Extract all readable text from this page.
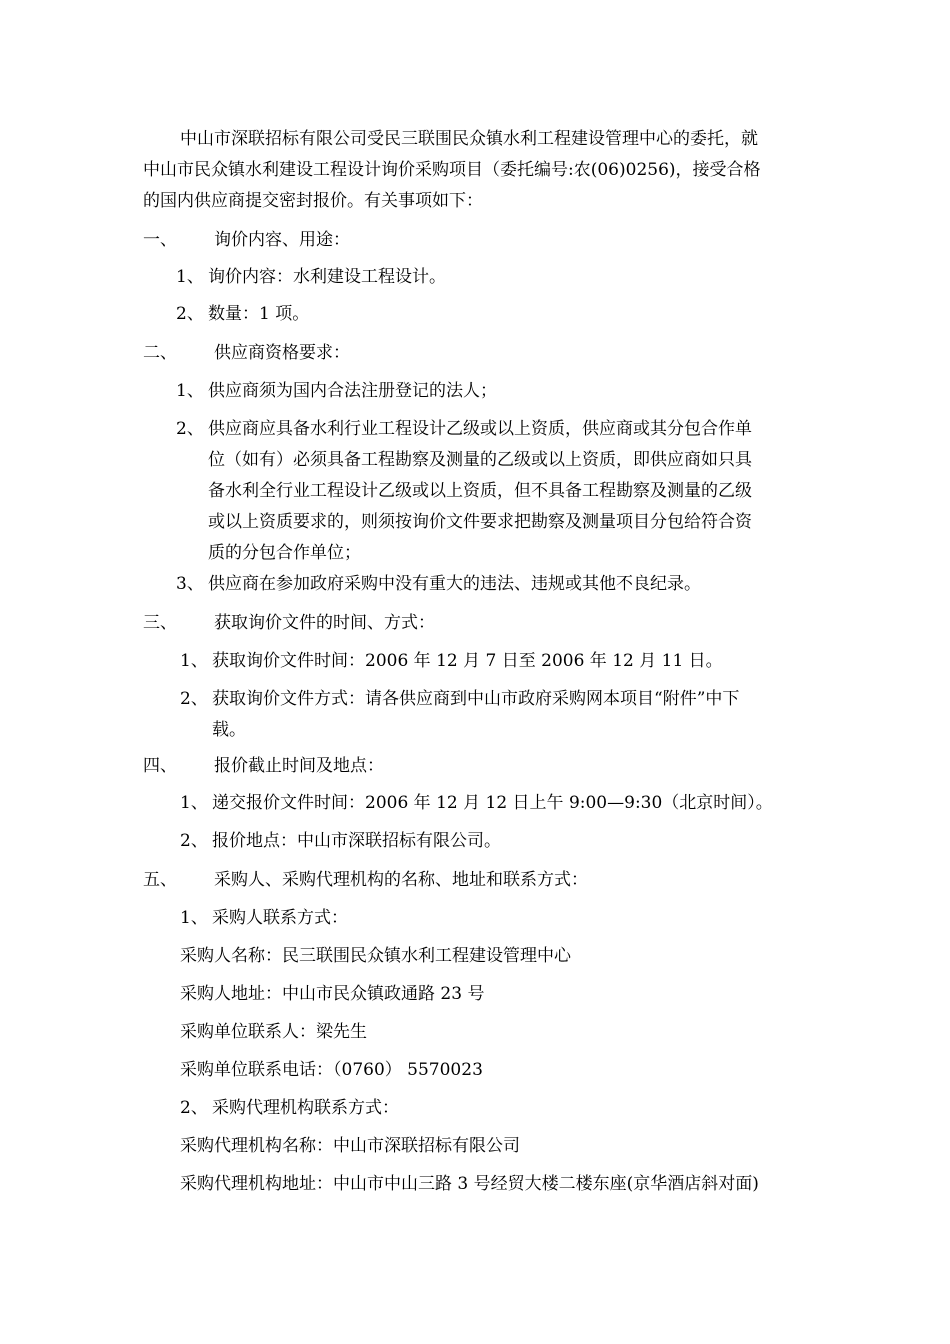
中山市深联招标有限公司受民三联围民众镇水利工程建设管理中心的委托，就
中山市民众镇水利建设工程设计询价采购项目（委托编号:农(06)0256)，接受合格
的国内供应商提交密封报价。有关事项如下：
一、 询价内容、用途：
1、 询价内容：水利建设工程设计。
2、 数量：1 项。
二、 供应商资格要求：
1、 供应商须为国内合法注册登记的法人；
2、 供应商应具备水利行业工程设计乙级或以上资质，供应商或其分包合作单
位（如有）必须具备工程勘察及测量的乙级或以上资质，即供应商如只具
备水利全行业工程设计乙级或以上资质，但不具备工程勘察及测量的乙级
或以上资质要求的，则须按询价文件要求把勘察及测量项目分包给符合资
质的分包合作单位；
3、 供应商在参加政府采购中没有重大的违法、违规或其他不良纪录。
三、 获取询价文件的时间、方式：
1、 获取询价文件时间：2006 年 12 月 7 日至 2006 年 12 月 11 日。
2、 获取询价文件方式：请各供应商到中山市政府采购网本项目“附件”中下
载。
四、 报价截止时间及地点：
1、 递交报价文件时间：2006 年 12 月 12 日上午 9:00—9:30（北京时间）。
2、 报价地点：中山市深联招标有限公司。
五、 采购人、采购代理机构的名称、地址和联系方式：
1、 采购人联系方式：
采购人名称：民三联围民众镇水利工程建设管理中心
采购人地址：中山市民众镇政通路 23 号
采购单位联系人：梁先生
采购单位联系电话：（0760） 5570023
2、 采购代理机构联系方式：
采购代理机构名称：中山市深联招标有限公司
采购代理机构地址：中山市中山三路 3 号经贸大楼二楼东座(京华酒店斜对面)
